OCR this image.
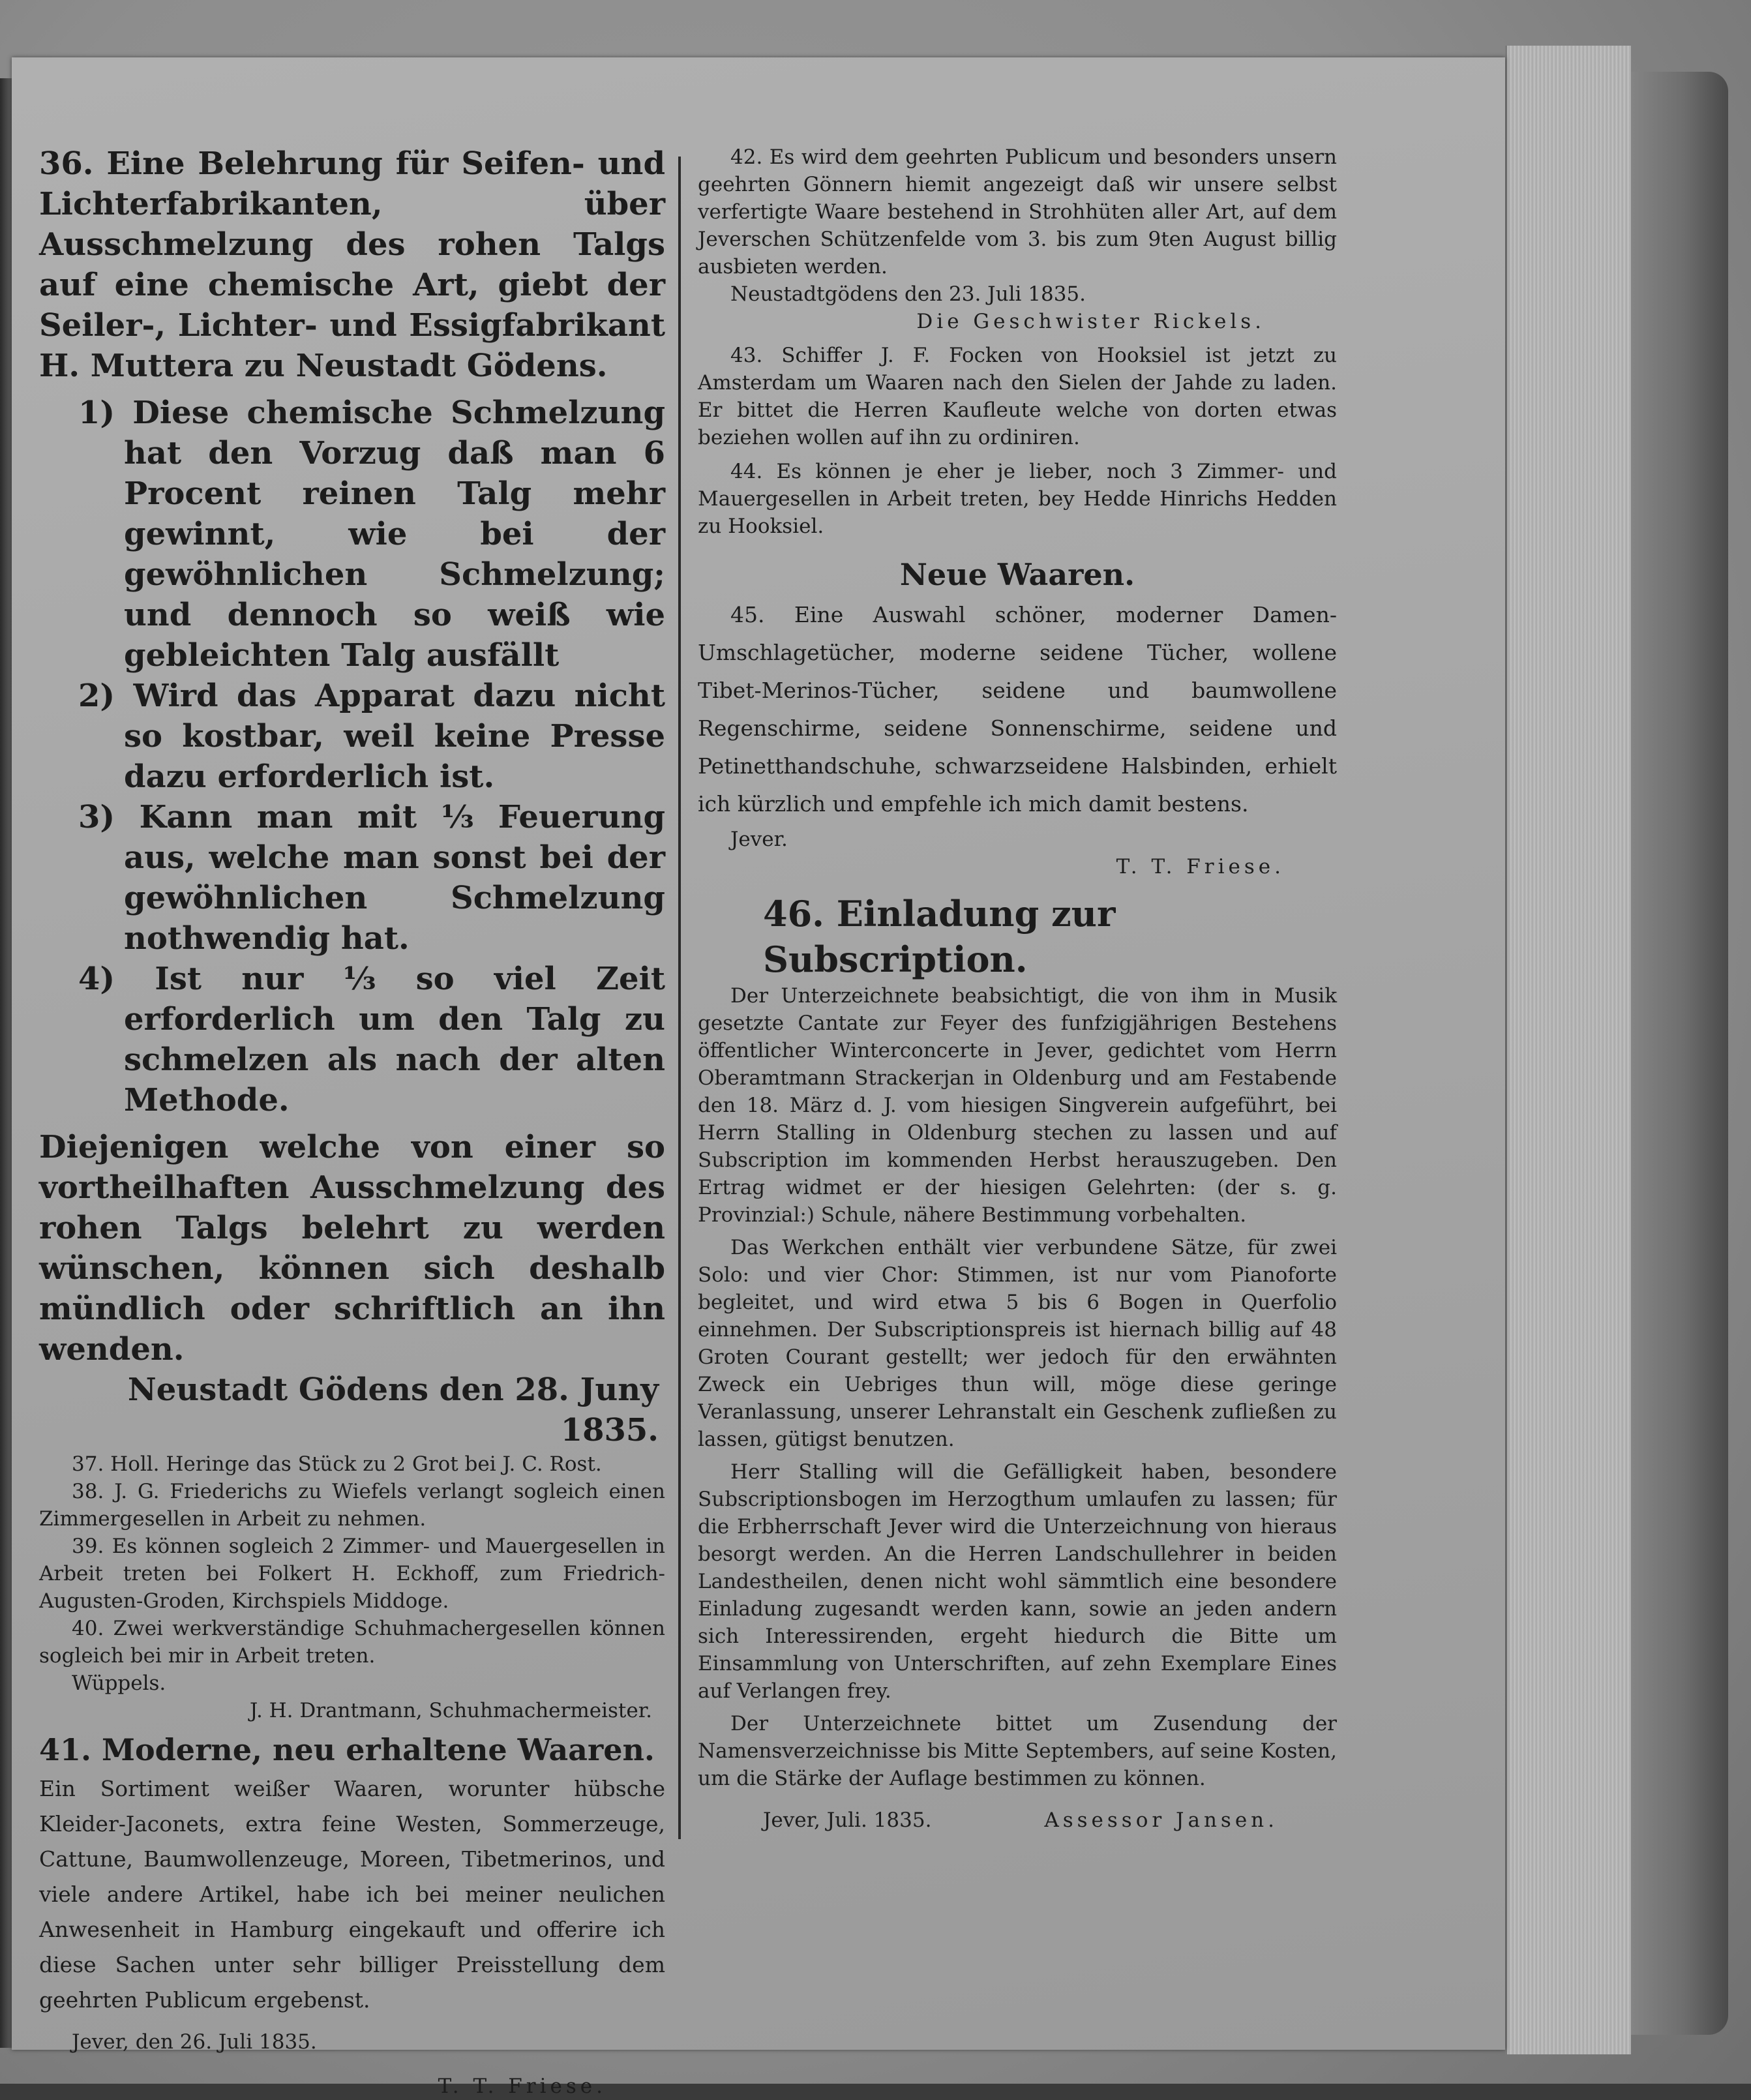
36. Eine Belehrung für Seifen- und Lichterfabrikanten, über Ausschmelzung des rohen Talgs auf eine chemische Art, giebt der Seiler-, Lichter- und Essigfabrikant H. Muttera zu Neustadt Gödens.

1) Diese chemische Schmelzung hat den Vorzug daß man 6 Procent reinen Talg mehr gewinnt, wie bei der gewöhnlichen Schmelzung; und dennoch so weiß wie gebleichten Talg ausfällt

2) Wird das Apparat dazu nicht so kostbar, weil keine Presse dazu erforderlich ist.

3) Kann man mit ⅓ Feuerung aus, welche man sonst bei der gewöhnlichen Schmelzung nothwendig hat.

4) Ist nur ⅓ so viel Zeit erforderlich um den Talg zu schmelzen als nach der alten Methode.

Diejenigen welche von einer so vortheilhaften Ausschmelzung des rohen Talgs belehrt zu werden wünschen, können sich deshalb mündlich oder schriftlich an ihn wenden.

Neustadt Gödens den 28. Juny 1835.

37. Holl. Heringe das Stück zu 2 Grot bei J. C. Rost.

38. J. G. Friederichs zu Wiefels verlangt sogleich einen Zimmergesellen in Arbeit zu nehmen.

39. Es können sogleich 2 Zimmer- und Mauergesellen in Arbeit treten bei Folkert H. Eckhoff, zum Friedrich-Augusten-Groden, Kirchspiels Middoge.

40. Zwei werkverständige Schuhmachergesellen können sogleich bei mir in Arbeit treten.

Wüppels.

J. H. Drantmann, Schuhmachermeister.

41. Moderne, neu erhaltene Waaren.

Ein Sortiment weißer Waaren, worunter hübsche Kleider-Jaconets, extra feine Westen, Sommerzeuge, Cattune, Baumwollenzeuge, Moreen, Tibetmerinos, und viele andere Artikel, habe ich bei meiner neulichen Anwesenheit in Hamburg eingekauft und offerire ich diese Sachen unter sehr billiger Preisstellung dem geehrten Publicum ergebenst.

Jever, den 26. Juli 1835.

T. T. Friese.

42. Es wird dem geehrten Publicum und besonders unsern geehrten Gönnern hiemit angezeigt daß wir unsere selbst verfertigte Waare bestehend in Strohhüten aller Art, auf dem Jeverschen Schützenfelde vom 3. bis zum 9ten August billig ausbieten werden.

Neustadtgödens den 23. Juli 1835.

Die Geschwister Rickels.

43. Schiffer J. F. Focken von Hooksiel ist jetzt zu Amsterdam um Waaren nach den Sielen der Jahde zu laden. Er bittet die Herren Kaufleute welche von dorten etwas beziehen wollen auf ihn zu ordiniren.

44. Es können je eher je lieber, noch 3 Zimmer- und Mauergesellen in Arbeit treten, bey Hedde Hinrichs Hedden zu Hooksiel.

Neue Waaren.

45. Eine Auswahl schöner, moderner Damen-Umschlagetücher, moderne seidene Tücher, wollene Tibet-Merinos-Tücher, seidene und baumwollene Regenschirme, seidene Sonnenschirme, seidene und Petinetthandschuhe, schwarzseidene Halsbinden, erhielt ich kürzlich und empfehle ich mich damit bestens.

Jever.

T. T. Friese.

46. Einladung zur Subscription.

Der Unterzeichnete beabsichtigt, die von ihm in Musik gesetzte Cantate zur Feyer des funfzigjährigen Bestehens öffentlicher Winterconcerte in Jever, gedichtet vom Herrn Oberamtmann Strackerjan in Oldenburg und am Festabende den 18. März d. J. vom hiesigen Singverein aufgeführt, bei Herrn Stalling in Oldenburg stechen zu lassen und auf Subscription im kommenden Herbst herauszugeben. Den Ertrag widmet er der hiesigen Gelehrten: (der s. g. Provinzial:) Schule, nähere Bestimmung vorbehalten.

Das Werkchen enthält vier verbundene Sätze, für zwei Solo: und vier Chor: Stimmen, ist nur vom Pianoforte begleitet, und wird etwa 5 bis 6 Bogen in Querfolio einnehmen. Der Subscriptionspreis ist hiernach billig auf 48 Groten Courant gestellt; wer jedoch für den erwähnten Zweck ein Uebriges thun will, möge diese geringe Veranlassung, unserer Lehranstalt ein Geschenk zufließen zu lassen, gütigst benutzen.

Herr Stalling will die Gefälligkeit haben, besondere Subscriptionsbogen im Herzogthum umlaufen zu lassen; für die Erbherrschaft Jever wird die Unterzeichnung von hieraus besorgt werden. An die Herren Landschullehrer in beiden Landestheilen, denen nicht wohl sämmtlich eine besondere Einladung zugesandt werden kann, sowie an jeden andern sich Interessirenden, ergeht hiedurch die Bitte um Einsammlung von Unterschriften, auf zehn Exemplare Eines auf Verlangen frey.

Der Unterzeichnete bittet um Zusendung der Namensverzeichnisse bis Mitte Septembers, auf seine Kosten, um die Stärke der Auflage bestimmen zu können.

Jever, Juli. 1835.	Assessor Jansen.
